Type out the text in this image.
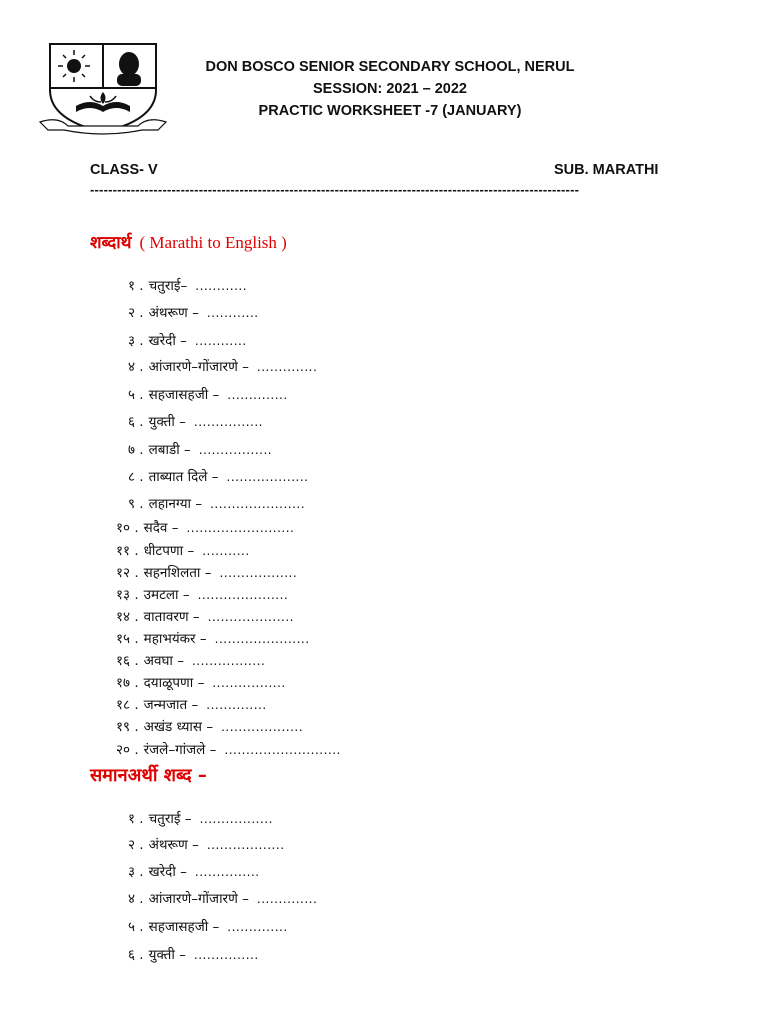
DON BOSCO SENIOR SECONDARY SCHOOL, NERUL
SESSION: 2021 – 2022
PRACTIC WORKSHEET -7 (JANUARY)
CLASS- V	SUB. MARATHI
------------------------------------------------------------------------------------------------------------
शब्दार्थ ( Marathi to English )
१ . चतुराई– ............
२ . अंथरूण – ............
३ . खरेदी – ............
४ . आंजारणे–गोंजारणे – ..............
५ . सहजासहजी – ..............
६ . युक्ती – ................
७ . लबाडी – .................
८ . ताब्यात दिले – ...................
९ . लहानग्या – ......................
१० . सदैव – .........................
११ . धीटपणा – ...........
१२ . सहनशिलता – ..................
१३ . उमटला – .....................
१४ . वातावरण – ....................
१५ . महाभयंकर – ......................
१६ . अवघा – .................
१७ . दयाळूपणा – .................
१८ . जन्मजात – ..............
१९ . अखंड ध्यास – ...................
२० . रंजले–गांजले – ...........................
समानअर्थी शब्द –
१ . चतुराई – .................
२ . अंथरूण – ..................
३ . खरेदी – ...............
४ . आंजारणे–गोंजारणे – ..............
५ . सहजासहजी – ..............
६ . युक्ती – ...............
